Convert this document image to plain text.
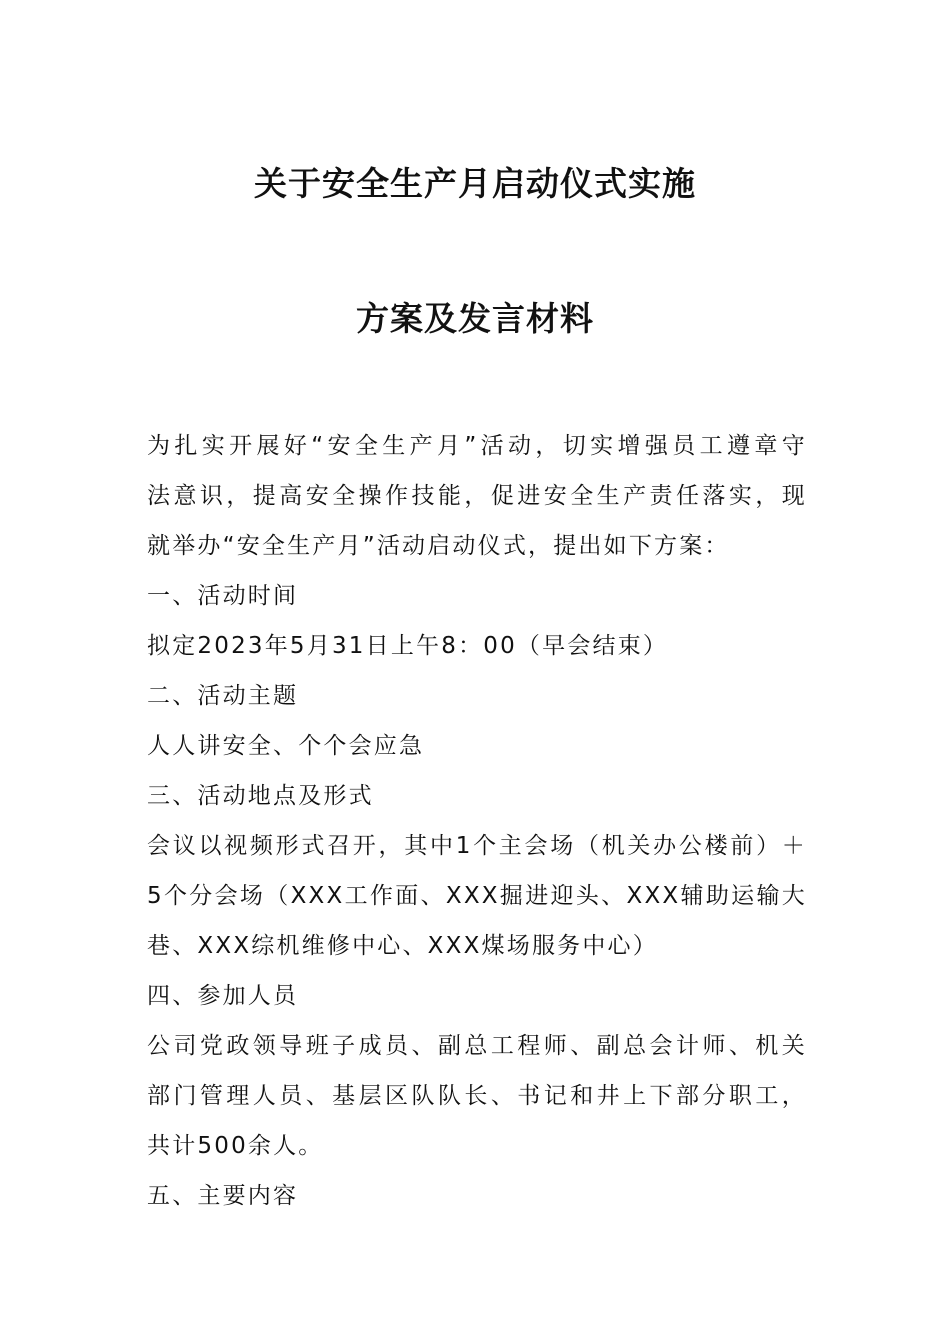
关于安全生产月启动仪式实施
方案及发言材料

为扎实开展好“安全生产月”活动，切实增强员工遵章守

法意识，提高安全操作技能，促进安全生产责任落实，现

就举办“安全生产月”活动启动仪式，提出如下方案：

一、活动时间

拟定2023年5月31日上午8：00（早会结束）

二、活动主题

人人讲安全、个个会应急

三、活动地点及形式

会议以视频形式召开，其中1个主会场（机关办公楼前）＋

5个分会场（XXX工作面、XXX掘进迎头、XXX辅助运输大

巷、XXX综机维修中心、XXX煤场服务中心）

四、参加人员

公司党政领导班子成员、副总工程师、副总会计师、机关

部门管理人员、基层区队队长、书记和井上下部分职工，

共计500余人。

五、主要内容
